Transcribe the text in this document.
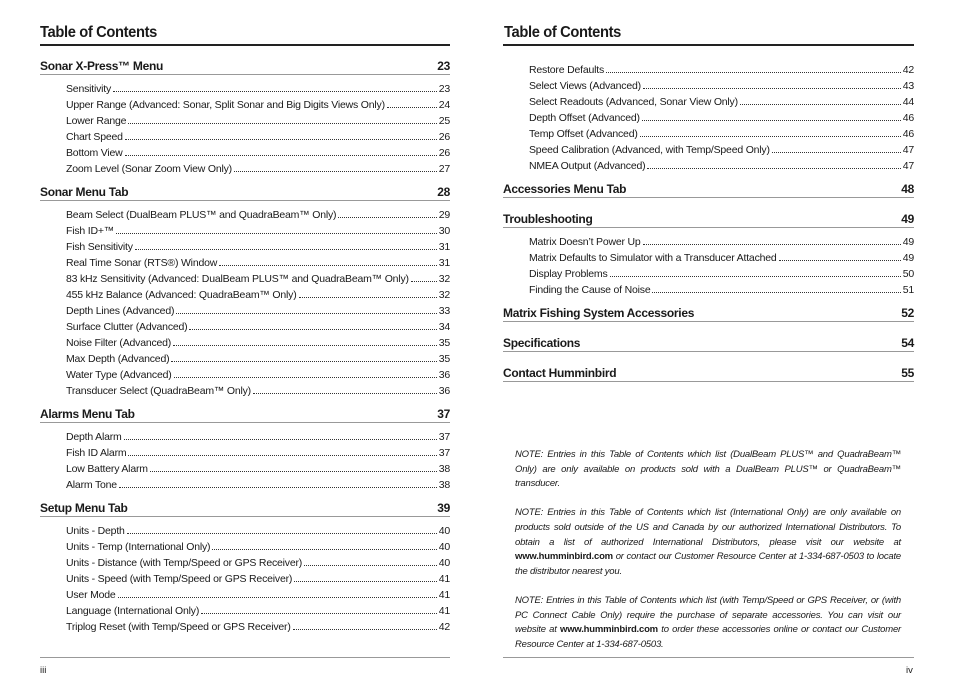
Table of Contents
Sonar X-Press™ Menu	23
Sensitivity	23
Upper Range (Advanced: Sonar, Split Sonar and Big Digits Views Only)	24
Lower Range	25
Chart Speed	26
Bottom View	26
Zoom Level (Sonar Zoom View Only)	27
Sonar Menu Tab	28
Beam Select (DualBeam PLUS™ and QuadraBeam™ Only)	29
Fish ID+™	30
Fish Sensitivity	31
Real Time Sonar (RTS®) Window	31
83 kHz Sensitivity (Advanced: DualBeam PLUS™ and QuadraBeam™ Only)	32
455 kHz Balance (Advanced: QuadraBeam™ Only)	32
Depth Lines (Advanced)	33
Surface Clutter (Advanced)	34
Noise Filter (Advanced)	35
Max Depth (Advanced)	35
Water Type (Advanced)	36
Transducer Select (QuadraBeam™ Only)	36
Alarms Menu Tab	37
Depth Alarm	37
Fish ID Alarm	37
Low Battery Alarm	38
Alarm Tone	38
Setup Menu Tab	39
Units - Depth	40
Units - Temp (International Only)	40
Units - Distance (with Temp/Speed or GPS Receiver)	40
Units - Speed (with Temp/Speed or GPS Receiver)	41
User Mode	41
Language (International Only)	41
Triplog Reset (with Temp/Speed or GPS Receiver)	42
iii
Table of Contents
Restore Defaults	42
Select Views (Advanced)	43
Select Readouts (Advanced, Sonar View Only)	44
Depth Offset (Advanced)	46
Temp Offset (Advanced)	46
Speed Calibration (Advanced, with Temp/Speed Only)	47
NMEA Output (Advanced)	47
Accessories Menu Tab	48
Troubleshooting	49
Matrix Doesn’t Power Up	49
Matrix Defaults to Simulator with a Transducer Attached	49
Display Problems	50
Finding the Cause of Noise	51
Matrix Fishing System Accessories	52
Specifications	54
Contact Humminbird	55

NOTE: Entries in this Table of Contents which list (DualBeam PLUS™ and QuadraBeam™ Only) are only available on products sold with a DualBeam PLUS™ or QuadraBeam™ transducer.

NOTE: Entries in this Table of Contents which list (International Only) are only available on products sold outside of the US and Canada by our authorized International Distributors. To obtain a list of authorized International Distributors, please visit our website at www.humminbird.com or contact our Customer Resource Center at 1-334-687-0503 to locate the distributor nearest you.

NOTE: Entries in this Table of Contents which list (with Temp/Speed or GPS Receiver, or (with PC Connect Cable Only) require the purchase of separate accessories. You can visit our website at www.humminbird.com to order these accessories online or contact our Customer Resource Center at 1-334-687-0503.

iv
